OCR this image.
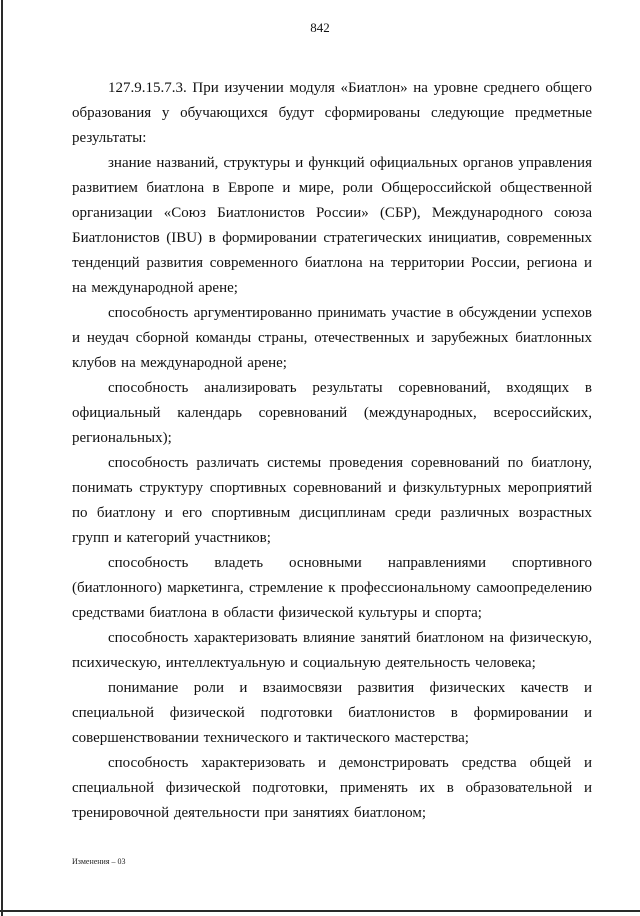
842

127.9.15.7.3. При изучении модуля «Биатлон» на уровне среднего общего образования у обучающихся будут сформированы следующие предметные результаты:

знание названий, структуры и функций официальных органов управления развитием биатлона в Европе и мире, роли Общероссийской общественной организации «Союз Биатлонистов России» (СБР), Международного союза Биатлонистов (IBU) в формировании стратегических инициатив, современных тенденций развития современного биатлона на территории России, региона и на международной арене;

способность аргументированно принимать участие в обсуждении успехов и неудач сборной команды страны, отечественных и зарубежных биатлонных клубов на международной арене;

способность анализировать результаты соревнований, входящих в официальный календарь соревнований (международных, всероссийских, региональных);

способность различать системы проведения соревнований по биатлону, понимать структуру спортивных соревнований и физкультурных мероприятий по биатлону и его спортивным дисциплинам среди различных возрастных групп и категорий участников;

способность владеть основными направлениями спортивного (биатлонного) маркетинга, стремление к профессиональному самоопределению средствами биатлона в области физической культуры и спорта;

способность характеризовать влияние занятий биатлоном на физическую, психическую, интеллектуальную и социальную деятельность человека;

понимание роли и взаимосвязи развития физических качеств и специальной физической подготовки биатлонистов в формировании и совершенствовании технического и тактического мастерства;

способность характеризовать и демонстрировать средства общей и специальной физической подготовки, применять их в образовательной и тренировочной деятельности при занятиях биатлоном;

Изменения – 03
